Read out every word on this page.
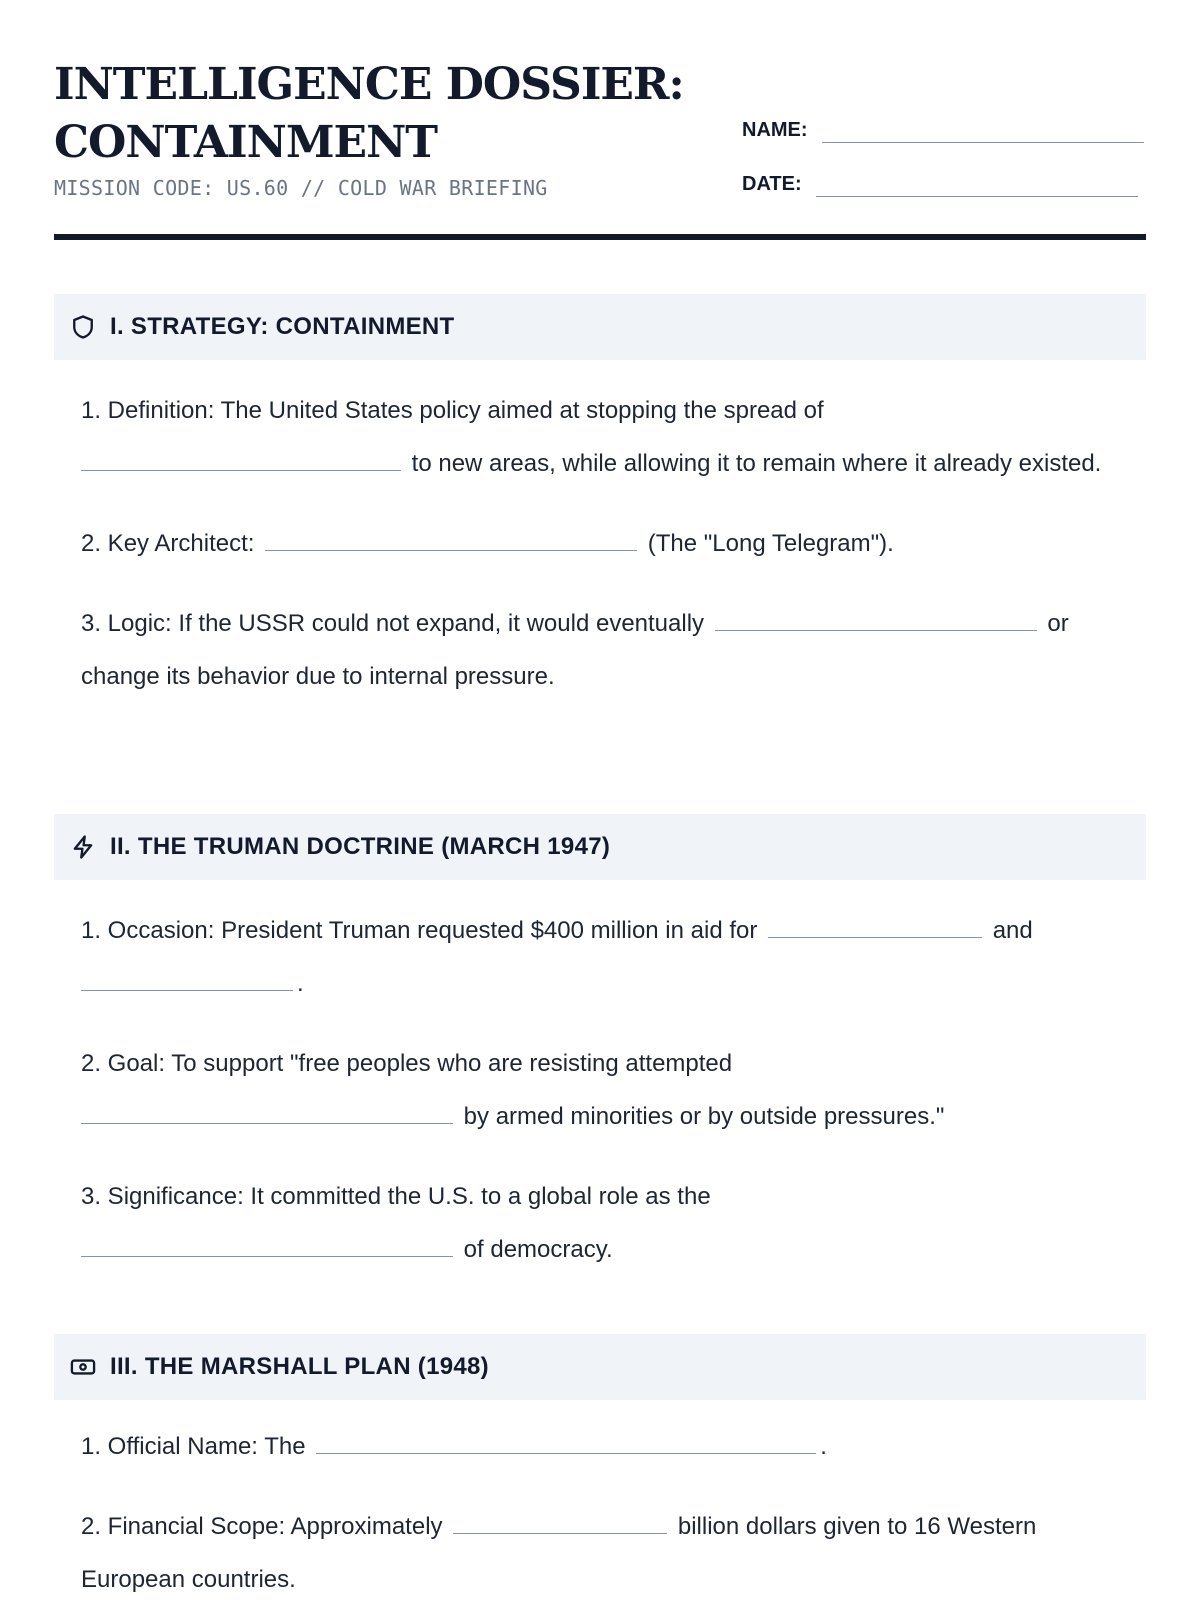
INTELLIGENCE DOSSIER:
CONTAINMENT
MISSION CODE: US.60 // COLD WAR BRIEFING
NAME:
DATE:
I. STRATEGY: CONTAINMENT
1. Definition: The United States policy aimed at stopping the spread of
to new areas, while allowing it to remain where it already existed.
2. Key Architect:	(The "Long Telegram").
3. Logic: If the USSR could not expand, it would eventually	or change its behavior due to internal pressure.
II. THE TRUMAN DOCTRINE (MARCH 1947)
1. Occasion: President Truman requested $400 million in aid for	and
.
2. Goal: To support "free peoples who are resisting attempted
by armed minorities or by outside pressures."
3. Significance: It committed the U.S. to a global role as the
of democracy.
III. THE MARSHALL PLAN (1948)
1. Official Name: The	.
2. Financial Scope: Approximately	billion dollars given to 16 Western European countries.
